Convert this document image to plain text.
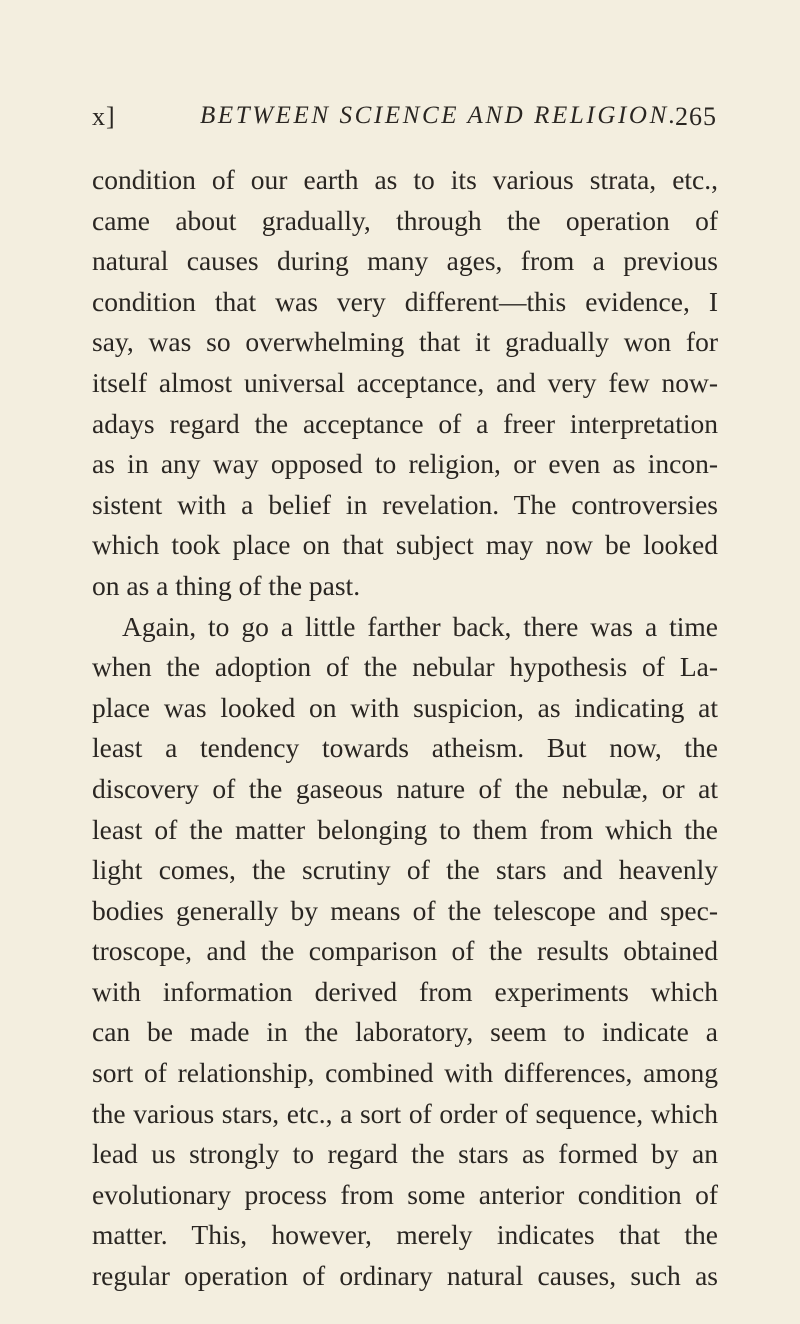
x]	BETWEEN SCIENCE AND RELIGION.
265
condition of our earth as to its various strata, etc.,
came about gradually, through the operation of
natural causes during many ages, from a previous
condition that was very different—this evidence, I
say, was so overwhelming that it gradually won for
itself almost universal acceptance, and very few now-
adays regard the acceptance of a freer interpretation
as in any way opposed to religion, or even as incon-
sistent with a belief in revelation. The controversies
which took place on that subject may now be looked
on as a thing of the past.
Again, to go a little farther back, there was a time
when the adoption of the nebular hypothesis of La-
place was looked on with suspicion, as indicating at
least a tendency towards atheism. But now, the
discovery of the gaseous nature of the nebulæ, or at
least of the matter belonging to them from which the
light comes, the scrutiny of the stars and heavenly
bodies generally by means of the telescope and spec-
troscope, and the comparison of the results obtained
with information derived from experiments which
can be made in the laboratory, seem to indicate a
sort of relationship, combined with differences, among
the various stars, etc., a sort of order of sequence, which
lead us strongly to regard the stars as formed by an
evolutionary process from some anterior condition of
matter. This, however, merely indicates that the
regular operation of ordinary natural causes, such as
